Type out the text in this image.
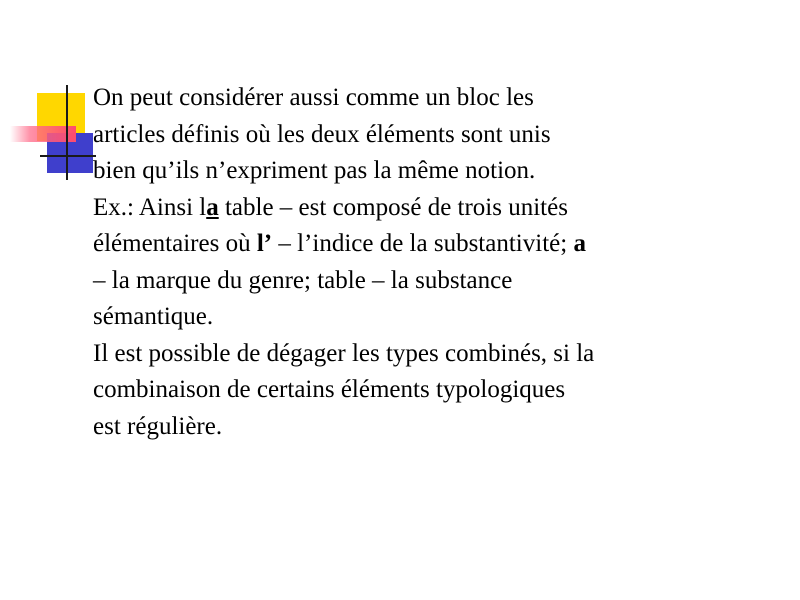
On peut considérer aussi comme un bloc les
articles définis où les deux éléments sont unis
bien qu’ils n’expriment pas la même notion.
Ex.: Ainsi la table – est composé de trois unités
élémentaires où l’ – l’indice de la substantivité; a
– la marque du genre; table – la substance
sémantique.
Il est possible de dégager les types combinés, si la
combinaison de certains éléments typologiques
est régulière.
